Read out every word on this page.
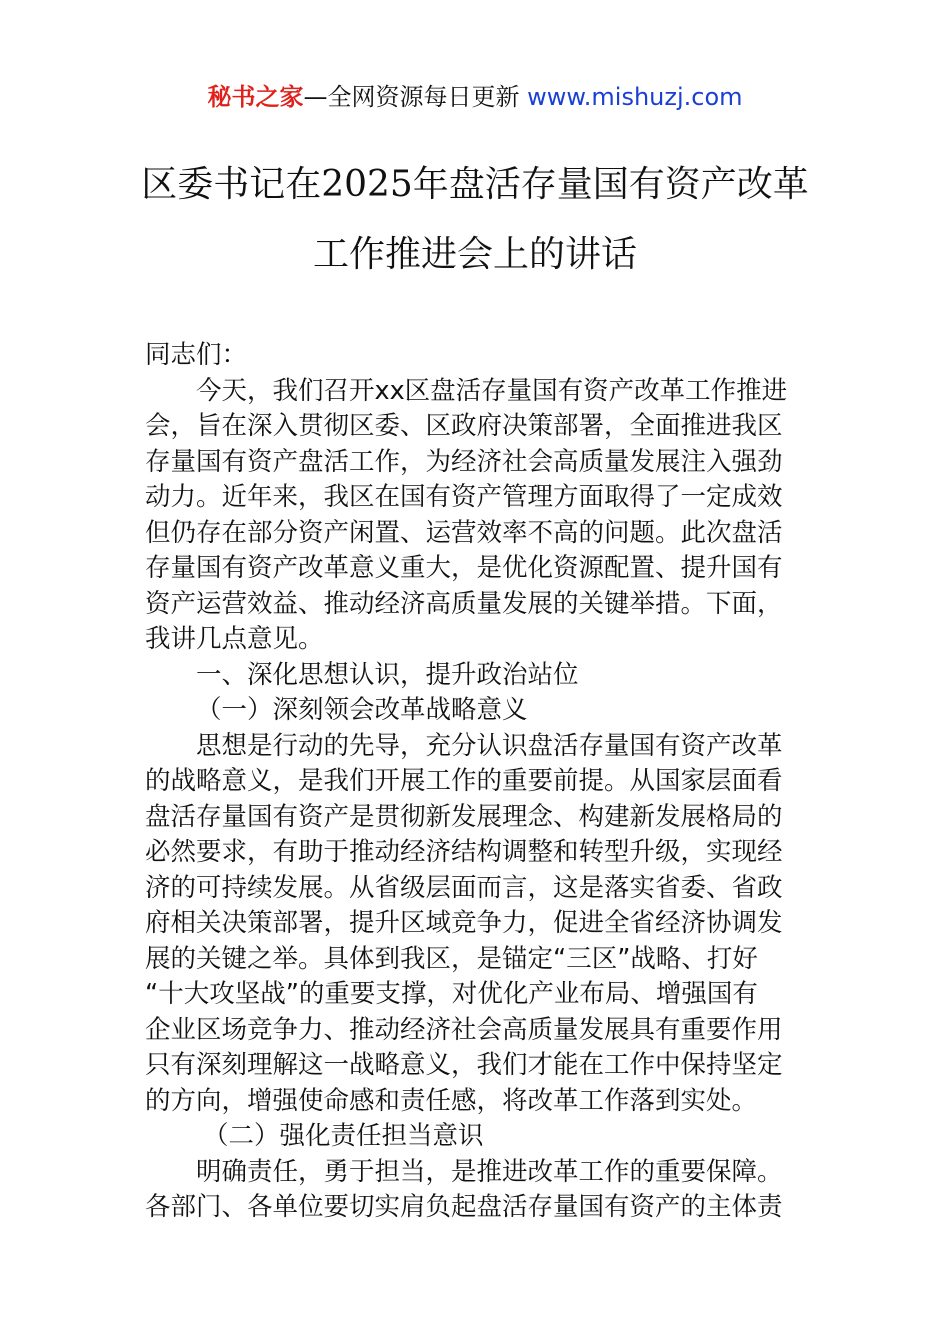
秘书之家—全网资源每日更新 www.mishuzj.com
区委书记在2025年盘活存量国有资产改革
工作推进会上的讲话
同志们：
今天，我们召开xx区盘活存量国有资产改革工作推进
会，旨在深入贯彻区委、区政府决策部署，全面推进我区
存量国有资产盘活工作，为经济社会高质量发展注入强劲
动力。近年来，我区在国有资产管理方面取得了一定成效
但仍存在部分资产闲置、运营效率不高的问题。此次盘活
存量国有资产改革意义重大，是优化资源配置、提升国有
资产运营效益、推动经济高质量发展的关键举措。下面，
我讲几点意见。
一、深化思想认识，提升政治站位
（一）深刻领会改革战略意义
思想是行动的先导，充分认识盘活存量国有资产改革
的战略意义，是我们开展工作的重要前提。从国家层面看
盘活存量国有资产是贯彻新发展理念、构建新发展格局的
必然要求，有助于推动经济结构调整和转型升级，实现经
济的可持续发展。从省级层面而言，这是落实省委、省政
府相关决策部署，提升区域竞争力，促进全省经济协调发
展的关键之举。具体到我区，是锚定“三区”战略、打好
“十大攻坚战”的重要支撑，对优化产业布局、增强国有
企业区场竞争力、推动经济社会高质量发展具有重要作用
只有深刻理解这一战略意义，我们才能在工作中保持坚定
的方向，增强使命感和责任感，将改革工作落到实处。
（二）强化责任担当意识
明确责任，勇于担当，是推进改革工作的重要保障。
各部门、各单位要切实肩负起盘活存量国有资产的主体责
